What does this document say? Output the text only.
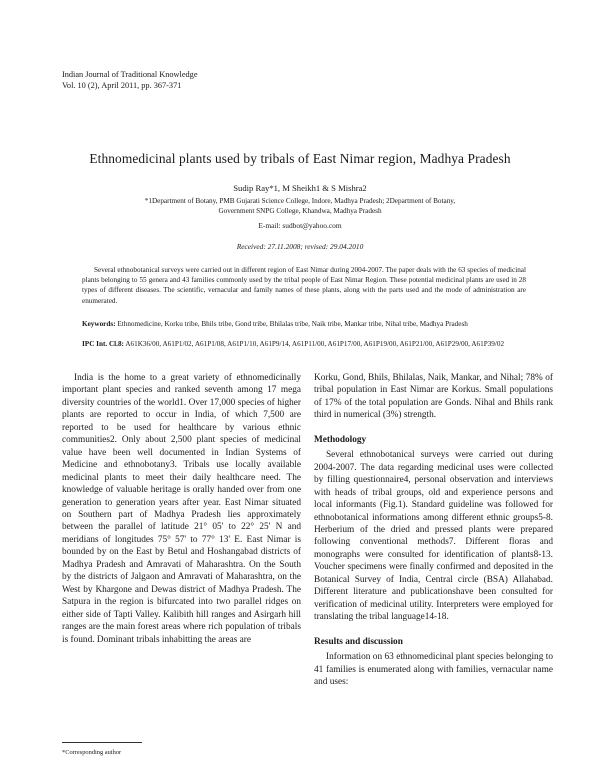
Indian Journal of Traditional Knowledge
Vol. 10 (2), April 2011, pp. 367-371
Ethnomedicinal plants used by tribals of East Nimar region, Madhya Pradesh
Sudip Ray*1, M Sheikh1 & S Mishra2
*1Department of Botany, PMB Gujarati Science College, Indore, Madhya Pradesh; 2Department of Botany,
Government SNPG College, Khandwa, Madhya Pradesh
E-mail: sudbot@yahoo.com
Received: 27.11.2008; revised: 29.04.2010
Several ethnobotanical surveys were carried out in different region of East Nimar during 2004-2007. The paper deals with the 63 species of medicinal plants belonging to 55 genera and 43 families commonly used by the tribal people of East Nimar Region. These potential medicinal plants are used in 28 types of different diseases. The scientific, vernacular and family names of these plants, along with the parts used and the mode of administration are enumerated.
Keywords: Ethnomedicine, Korku tribe, Bhils tribe, Gond tribe, Bhilalas tribe, Naik tribe, Mankar tribe, Nihal tribe, Madhya Pradesh
IPC Int. Cl.8: A61K36/00, A61P1/02, A61P1/08, A61P1/10, A61P9/14, A61P11/00, A61P17/00, A61P19/00, A61P21/00, A61P29/00, A61P39/02

India is the home to a great variety of ethnomedicinally important plant species and ranked seventh among 17 mega diversity countries of the world1. Over 17,000 species of higher plants are reported to occur in India, of which 7,500 are reported to be used for healthcare by various ethnic communities2. Only about 2,500 plant species of medicinal value have been well documented in Indian Systems of Medicine and ethnobotany3. Tribals use locally available medicinal plants to meet their daily healthcare need. The knowledge of valuable heritage is orally handed over from one generation to generation years after year. East Nimar situated on Southern part of Madhya Pradesh lies approximately between the parallel of latitude 21° 05' to 22° 25' N and meridians of longitudes 75° 57' to 77° 13' E. East Nimar is bounded by on the East by Betul and Hoshangabad districts of Madhya Pradesh and Amravati of Maharashtra. On the South by the districts of Jalgaon and Amravati of Maharashtra, on the West by Khargone and Dewas district of Madhya Pradesh. The Satpura in the region is bifurcated into two parallel ridges on either side of Tapti Valley. Kalibith hill ranges and Asirgarh hill ranges are the main forest areas where rich population of tribals is found. Dominant tribals inhabitting the areas are

Korku, Gond, Bhils, Bhilalas, Naik, Mankar, and Nihal; 78% of tribal population in East Nimar are Korkus. Small populations of 17% of the total population are Gonds. Nihal and Bhils rank third in numerical (3%) strength.

Methodology

Several ethnobotanical surveys were carried out during 2004-2007. The data regarding medicinal uses were collected by filling questionnaire4, personal observation and interviews with heads of tribal groups, old and experience persons and local informants (Fig.1). Standard guideline was followed for ethnobotanical informations among different ethnic groups5-8. Herberium of the dried and pressed plants were prepared following conventional methods7. Different floras and monographs were consulted for identification of plants8-13. Voucher specimens were finally confirmed and deposited in the Botanical Survey of India, Central circle (BSA) Allahabad. Different literature and publicationshave been consulted for verification of medicinal utility. Interpreters were employed for translating the tribal language14-18.

Results and discussion

Information on 63 ethnomedicinal plant species belonging to 41 families is enumerated along with families, vernacular name and uses:

*Corresponding author
